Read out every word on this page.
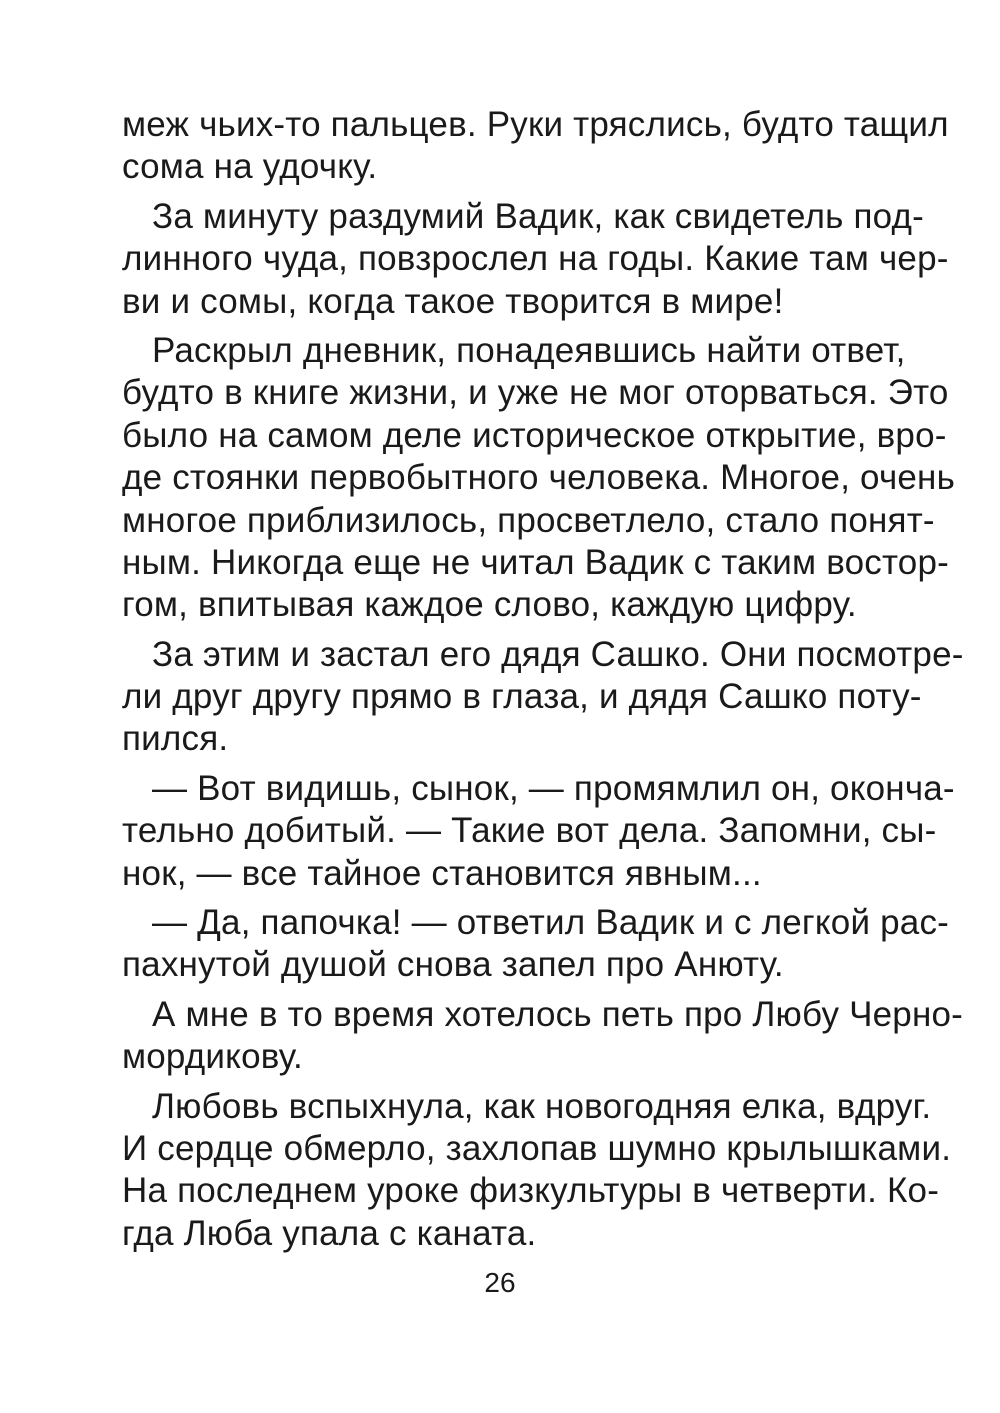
меж чьих-то пальцев. Руки тряслись, будто тащил
сома на удочку.
За минуту раздумий Вадик, как свидетель под-
линного чуда, повзрослел на годы. Какие там чер-
ви и сомы, когда такое творится в мире!
Раскрыл дневник, понадеявшись найти ответ,
будто в книге жизни, и уже не мог оторваться. Это
было на самом деле историческое открытие, вро-
де стоянки первобытного человека. Многое, очень
многое приблизилось, просветлело, стало понят-
ным. Никогда еще не читал Вадик с таким востор-
гом, впитывая каждое слово, каждую цифру.
За этим и застал его дядя Сашко. Они посмотре-
ли друг другу прямо в глаза, и дядя Сашко поту-
пился.
— Вот видишь, сынок, — промямлил он, оконча-
тельно добитый. — Такие вот дела. Запомни, сы-
нок, — все тайное становится явным...
— Да, папочка! — ответил Вадик и с легкой рас-
пахнутой душой снова запел про Анюту.
А мне в то время хотелось петь про Любу Черно-
мордикову.
Любовь вспыхнула, как новогодняя елка, вдруг.
И сердце обмерло, захлопав шумно крылышками.
На последнем уроке физкультуры в четверти. Ко-
гда Люба упала с каната.
26
